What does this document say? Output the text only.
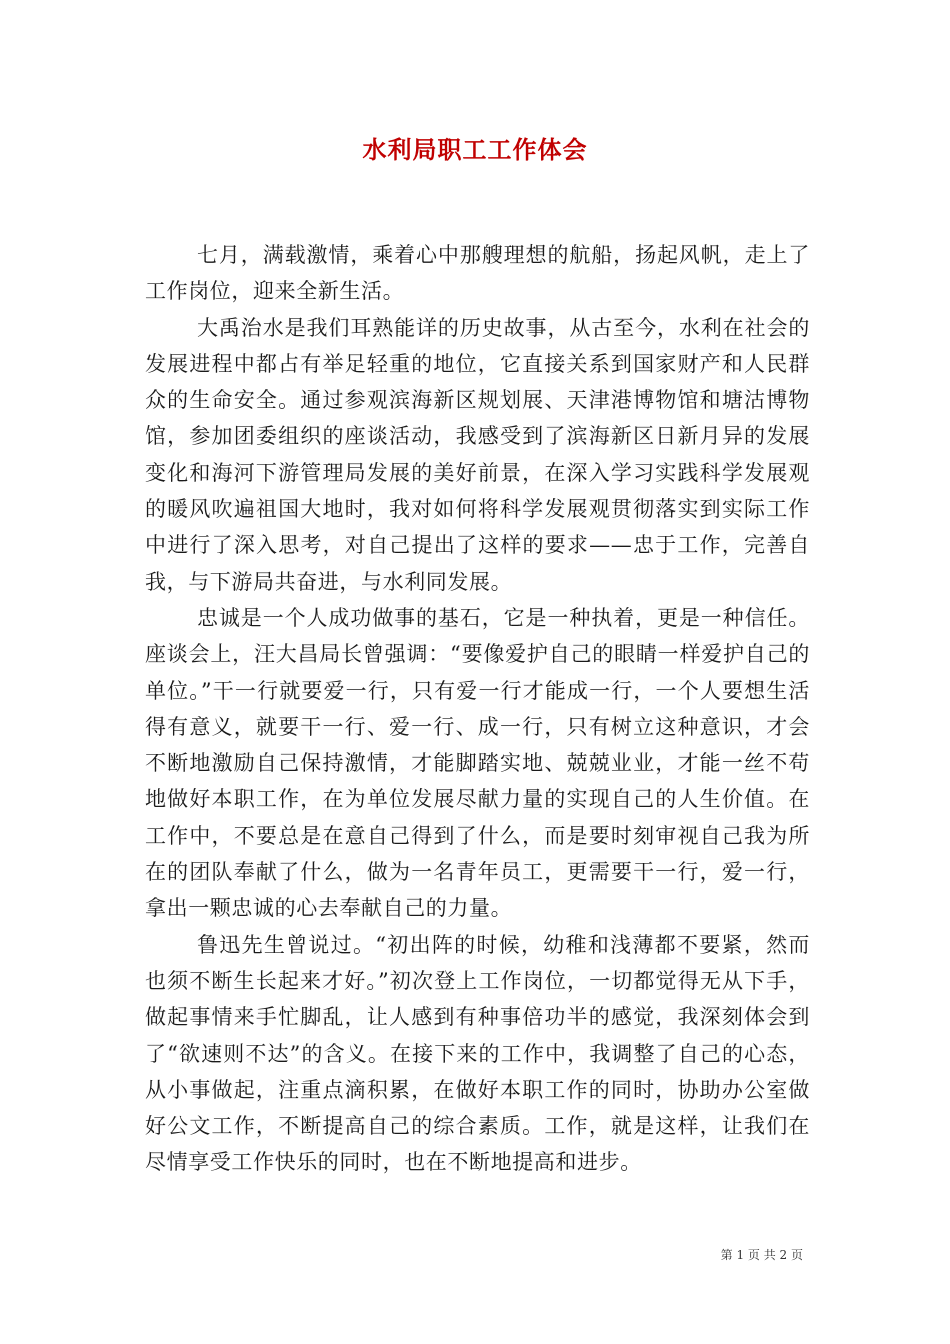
水利局职工工作体会

七月，满载激情，乘着心中那艘理想的航船，扬起风帆，走上了工作岗位，迎来全新生活。

大禹治水是我们耳熟能详的历史故事，从古至今，水利在社会的发展进程中都占有举足轻重的地位，它直接关系到国家财产和人民群众的生命安全。通过参观滨海新区规划展、天津港博物馆和塘沽博物馆，参加团委组织的座谈活动，我感受到了滨海新区日新月异的发展变化和海河下游管理局发展的美好前景，在深入学习实践科学发展观的暖风吹遍祖国大地时，我对如何将科学发展观贯彻落实到实际工作中进行了深入思考，对自己提出了这样的要求——忠于工作，完善自我，与下游局共奋进，与水利同发展。

忠诚是一个人成功做事的基石，它是一种执着，更是一种信任。座谈会上，汪大昌局长曾强调：“要像爱护自己的眼睛一样爱护自己的单位。”干一行就要爱一行，只有爱一行才能成一行，一个人要想生活得有意义，就要干一行、爱一行、成一行，只有树立这种意识，才会不断地激励自己保持激情，才能脚踏实地、兢兢业业，才能一丝不苟地做好本职工作，在为单位发展尽献力量的实现自己的人生价值。在工作中，不要总是在意自己得到了什么，而是要时刻审视自己我为所在的团队奉献了什么，做为一名青年员工，更需要干一行，爱一行，拿出一颗忠诚的心去奉献自己的力量。

鲁迅先生曾说过。“初出阵的时候，幼稚和浅薄都不要紧，然而也须不断生长起来才好。”初次登上工作岗位，一切都觉得无从下手，做起事情来手忙脚乱，让人感到有种事倍功半的感觉，我深刻体会到了“欲速则不达”的含义。在接下来的工作中，我调整了自己的心态，从小事做起，注重点滴积累，在做好本职工作的同时，协助办公室做好公文工作，不断提高自己的综合素质。工作，就是这样，让我们在尽情享受工作快乐的同时，也在不断地提高和进步。

第 1 页 共 2 页
